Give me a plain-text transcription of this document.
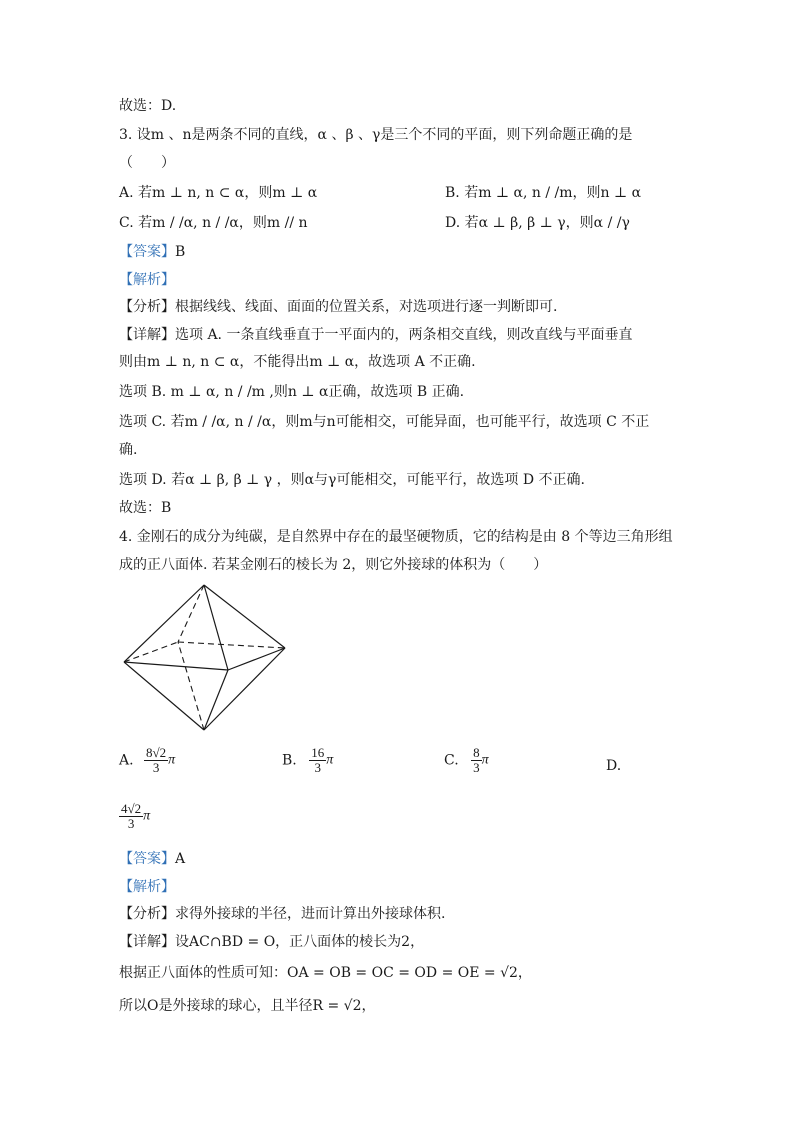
故选：D.
3. 设m 、n是两条不同的直线，α 、β 、γ是三个不同的平面，则下列命题正确的是
（　　）
A. 若m ⊥ n, n ⊂ α，则m ⊥ α	B. 若m ⊥ α, n / /m，则n ⊥ α
C. 若m / /α, n / /α，则m // n	D. 若α ⊥ β, β ⊥ γ，则α / /γ
【答案】B
【解析】
【分析】根据线线、线面、面面的位置关系，对选项进行逐一判断即可.
【详解】选项 A. 一条直线垂直于一平面内的，两条相交直线，则改直线与平面垂直
则由m ⊥ n, n ⊂ α，不能得出m ⊥ α，故选项 A 不正确.
选项 B. m ⊥ α, n / /m ,则n ⊥ α正确，故选项 B 正确.
选项 C. 若m / /α, n / /α，则m与n可能相交，可能异面，也可能平行，故选项 C 不正
确.
选项 D. 若α ⊥ β, β ⊥ γ ，则α与γ可能相交，可能平行，故选项 D 不正确.
故选：B
4. 金刚石的成分为纯碳，是自然界中存在的最坚硬物质，它的结构是由 8 个等边三角形组
成的正八面体. 若某金刚石的棱长为 2，则它外接球的体积为（　　）
A. $\frac{8√2}{3}$ π	B. $\frac{16}{3}$ π	C. $\frac{8}{3}$ π	D.
$\frac{4√2}{3}$ π
【答案】A
【解析】
【分析】求得外接球的半径，进而计算出外接球体积.
【详解】设AC∩BD = O，正八面体的棱长为2，
根据正八面体的性质可知：OA = OB = OC = OD = OE = √2，
所以O是外接球的球心，且半径R = √2，
